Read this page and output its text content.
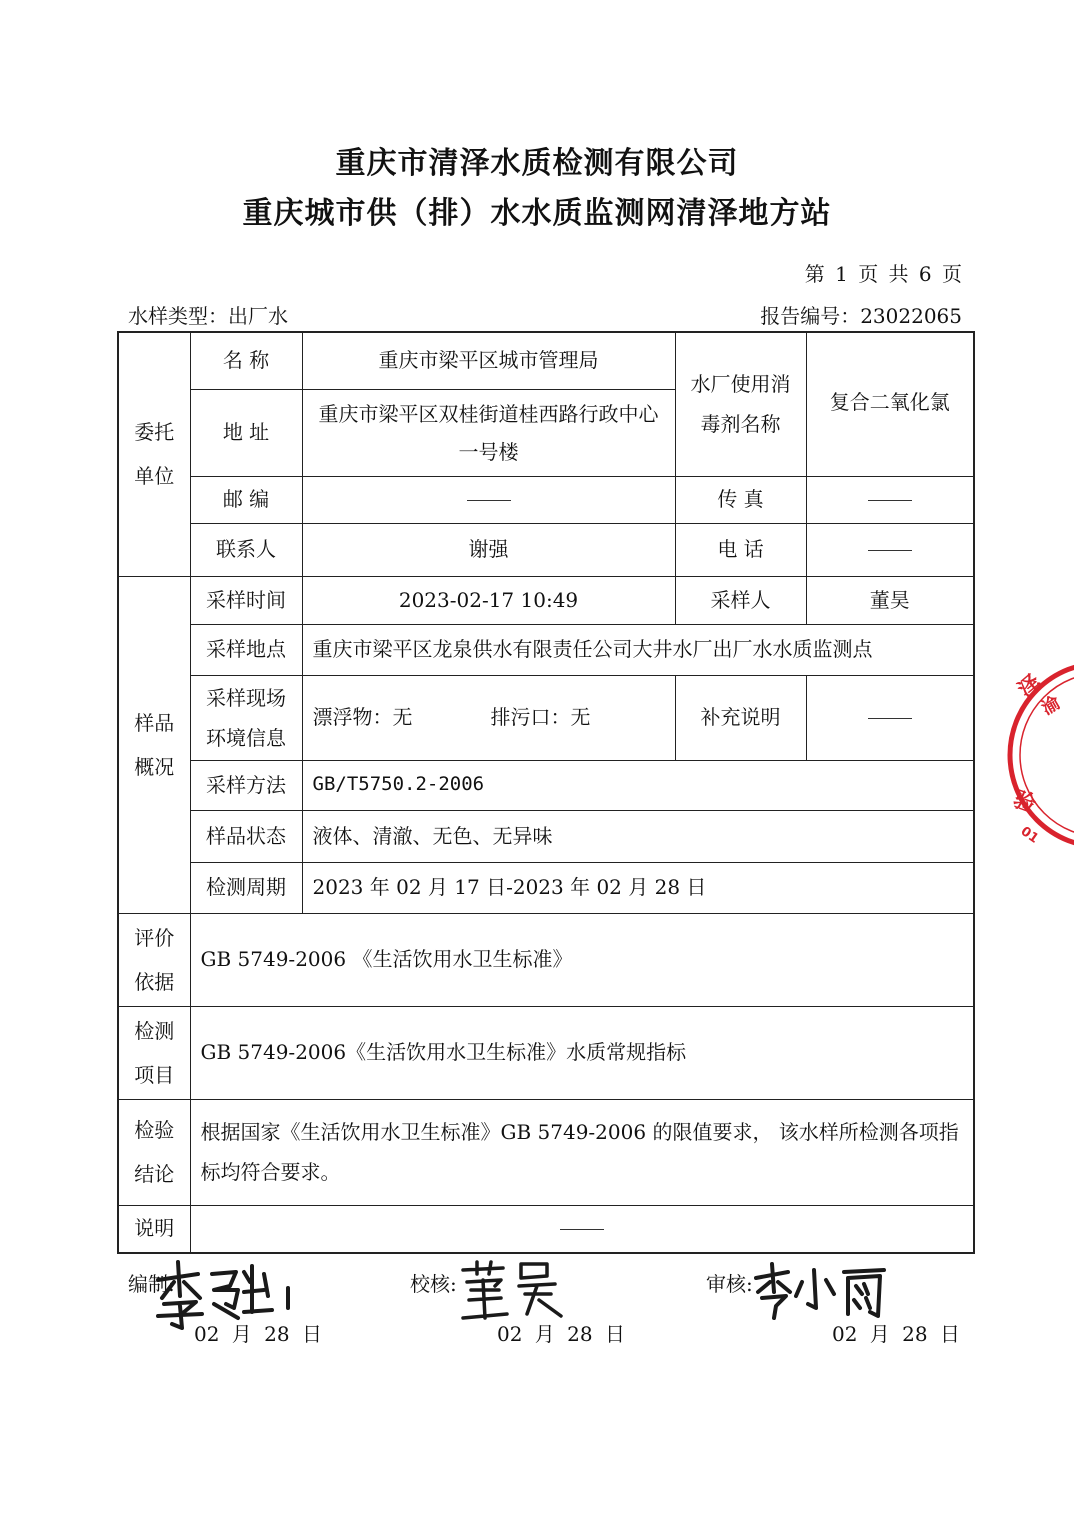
重庆市清泽水质检测有限公司
重庆城市供（排）水水质监测网清泽地方站
第 1 页 共 6 页
水样类型：出厂水	报告编号：23022065
委托单位	名 称	重庆市梁平区城市管理局	水厂使用消毒剂名称	复合二氧化氯
	地 址	重庆市梁平区双桂街道桂西路行政中心一号楼		
	邮 编		传 真	
	联系人	谢强	电 话	

样品概况	采样时间	2023-02-17 10:49	采样人	董昊
	采样地点	重庆市梁平区龙泉供水有限责任公司大井水厂出厂水水质监测点		

	采样现场环境信息	漂浮物：无 排污口：无	补充说明	
	采样方法	GB/T5750.2-2006		
	样品状态	液体、清澈、无色、无异味		
	检测周期	2023 年 02 月 17 日-2023 年 02 月 28 日		

评价依据	GB 5749-2006 《生活饮用水卫生标准》			

检测项目	GB 5749-2006《生活饮用水卫生标准》水质常规指标			

检验结论	根据国家《生活饮用水卫生标准》GB 5749-2006 的限值要求， 该水样所检测各项指标均符合要求。			
说明				
编制:	校核:	审核:
02 月 28 日	02 月 28 日	02 月 28 日
泽
渝
验
01
